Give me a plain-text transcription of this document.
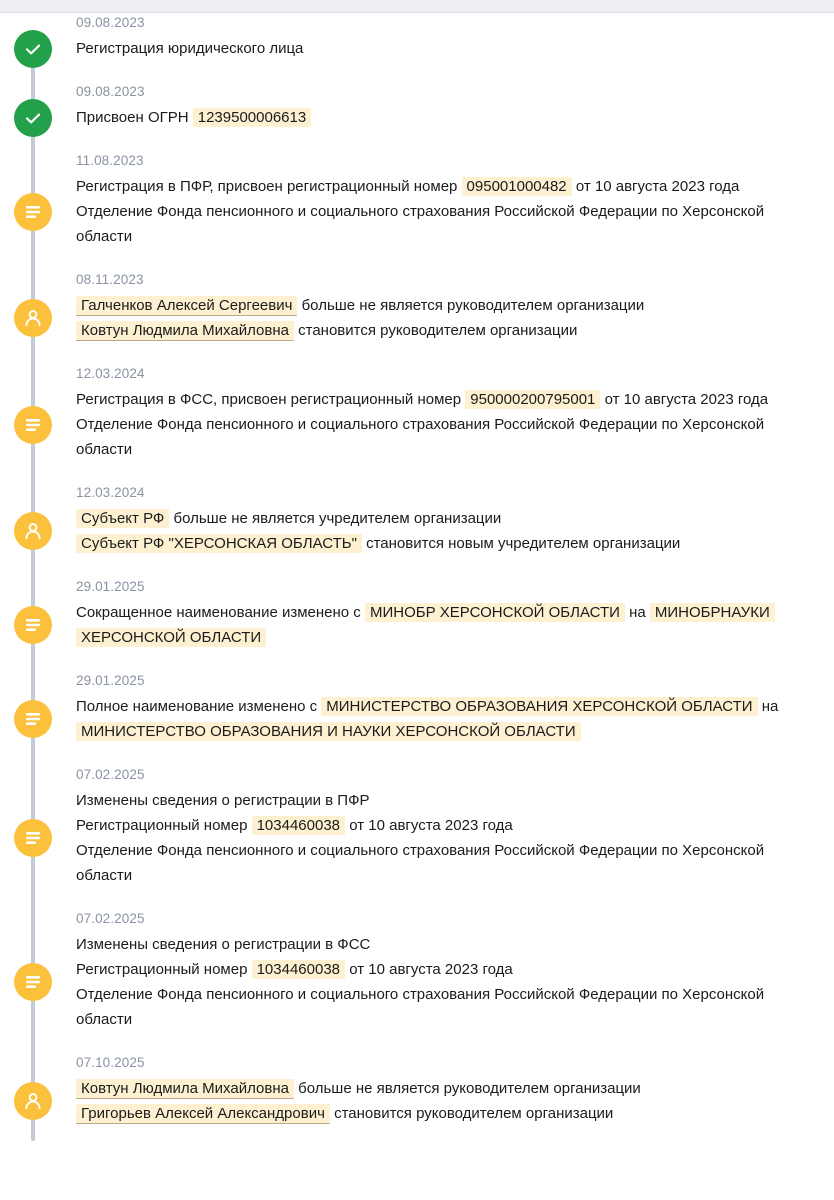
09.08.2023
Регистрация юридического лица
09.08.2023
Присвоен ОГРН 1239500006613
11.08.2023
Регистрация в ПФР, присвоен регистрационный номер 095001000482 от 10 августа 2023 года
Отделение Фонда пенсионного и социального страхования Российской Федерации по Херсонской области
08.11.2023
Галченков Алексей Сергеевич больше не является руководителем организации
Ковтун Людмила Михайловна становится руководителем организации
12.03.2024
Регистрация в ФСС, присвоен регистрационный номер 950000200795001 от 10 августа 2023 года
Отделение Фонда пенсионного и социального страхования Российской Федерации по Херсонской области
12.03.2024
Субъект РФ больше не является учредителем организации
Субъект РФ "ХЕРСОНСКАЯ ОБЛАСТЬ" становится новым учредителем организации
29.01.2025
Сокращенное наименование изменено с МИНОБР ХЕРСОНСКОЙ ОБЛАСТИ на МИНОБРНАУКИ ХЕРСОНСКОЙ ОБЛАСТИ
29.01.2025
Полное наименование изменено с МИНИСТЕРСТВО ОБРАЗОВАНИЯ ХЕРСОНСКОЙ ОБЛАСТИ на МИНИСТЕРСТВО ОБРАЗОВАНИЯ И НАУКИ ХЕРСОНСКОЙ ОБЛАСТИ
07.02.2025
Изменены сведения о регистрации в ПФР
Регистрационный номер 1034460038 от 10 августа 2023 года
Отделение Фонда пенсионного и социального страхования Российской Федерации по Херсонской области
07.02.2025
Изменены сведения о регистрации в ФСС
Регистрационный номер 1034460038 от 10 августа 2023 года
Отделение Фонда пенсионного и социального страхования Российской Федерации по Херсонской области
07.10.2025
Ковтун Людмила Михайловна больше не является руководителем организации
Григорьев Алексей Александрович становится руководителем организации
